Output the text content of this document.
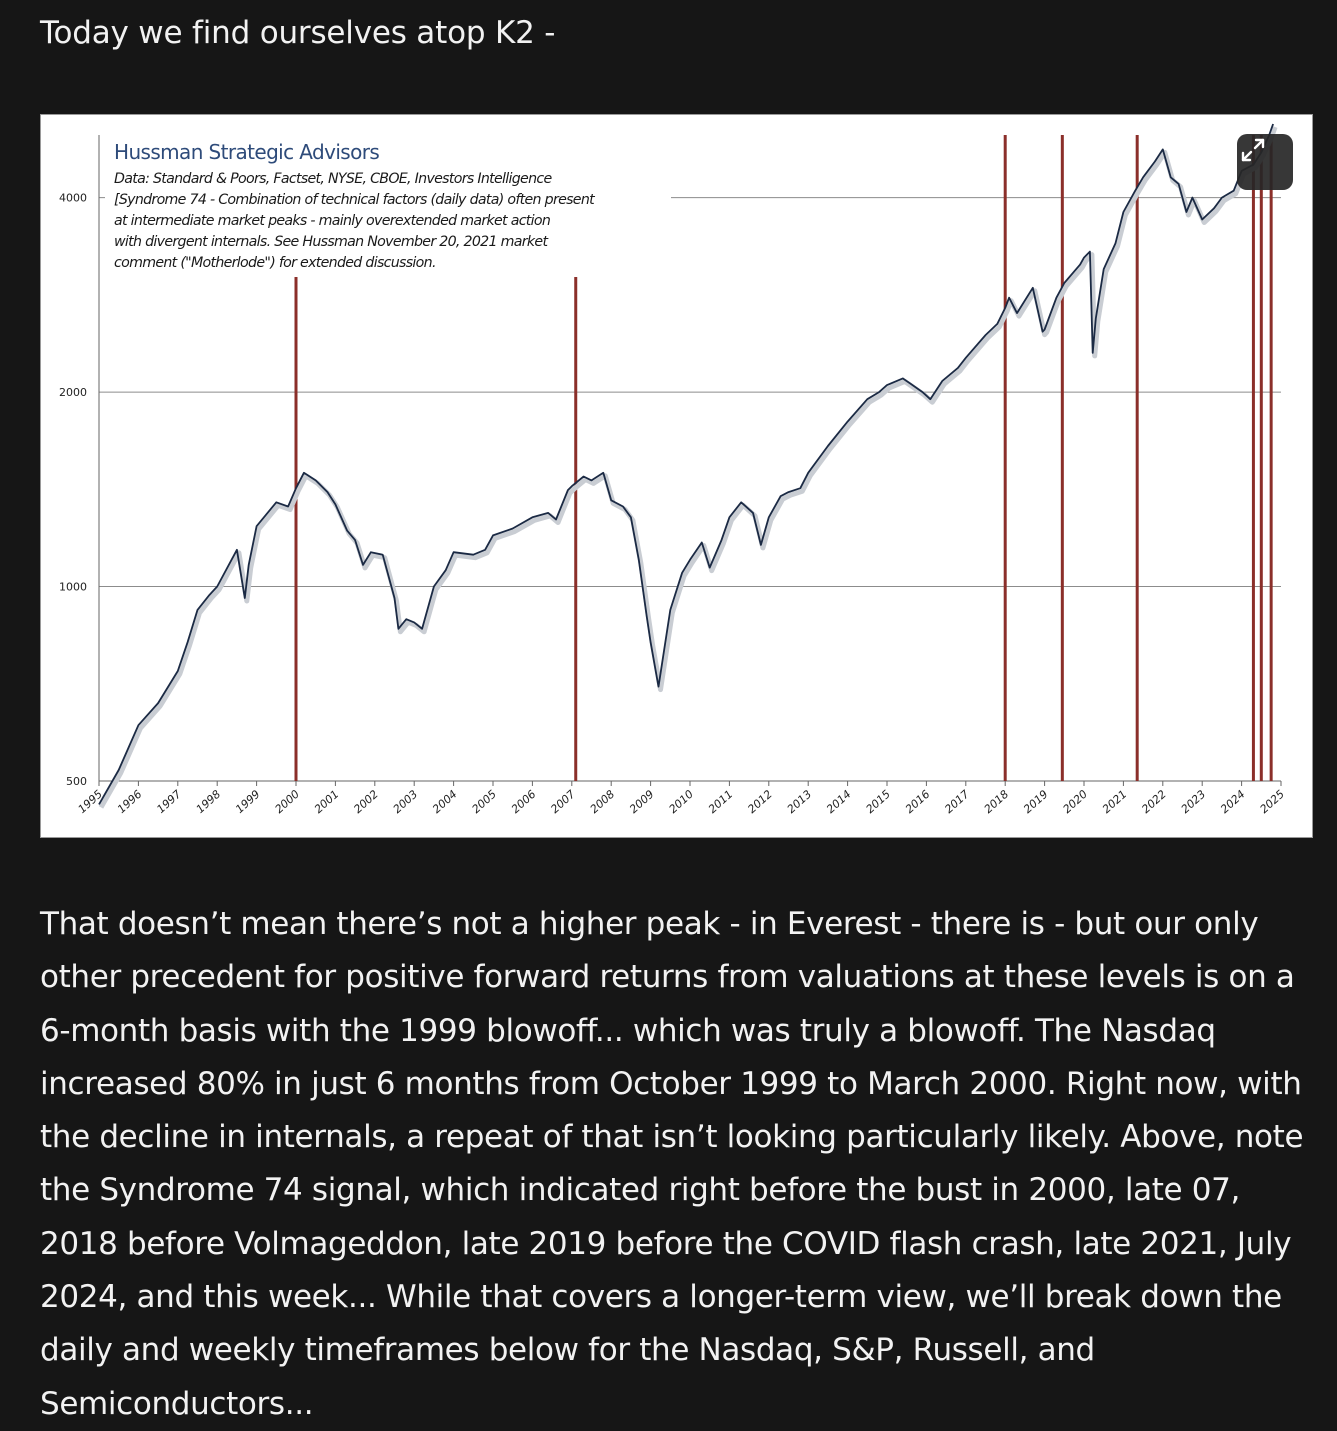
Today we find ourselves atop K2 -
500
1000
2000
4000
1995 1996 1997 1998 1999 2000 2001 2002 2003 2004 2005 2006 2007 2008 2009 2010 2011 2012 2013 2014 2015 2016 2017 2018 2019 2020 2021 2022 2023 2024 2025
Hussman Strategic Advisors
Data: Standard & Poors, Factset, NYSE, CBOE, Investors Intelligence
[Syndrome 74 - Combination of technical factors (daily data) often present
at intermediate market peaks - mainly overextended market action
with divergent internals. See Hussman November 20, 2021 market
comment ("Motherlode") for extended discussion.

That doesn’t mean there’s not a higher peak - in Everest - there is - but our only other precedent for positive forward returns from valuations at these levels is on a 6-month basis with the 1999 blowoff... which was truly a blowoff. The Nasdaq increased 80% in just 6 months from October 1999 to March 2000. Right now, with the decline in internals, a repeat of that isn’t looking particularly likely. Above, note the Syndrome 74 signal, which indicated right before the bust in 2000, late 07, 2018 before Volmageddon, late 2019 before the COVID flash crash, late 2021, July 2024, and this week... While that covers a longer-term view, we’ll break down the daily and weekly timeframes below for the Nasdaq, S&P, Russell, and Semiconductors...
